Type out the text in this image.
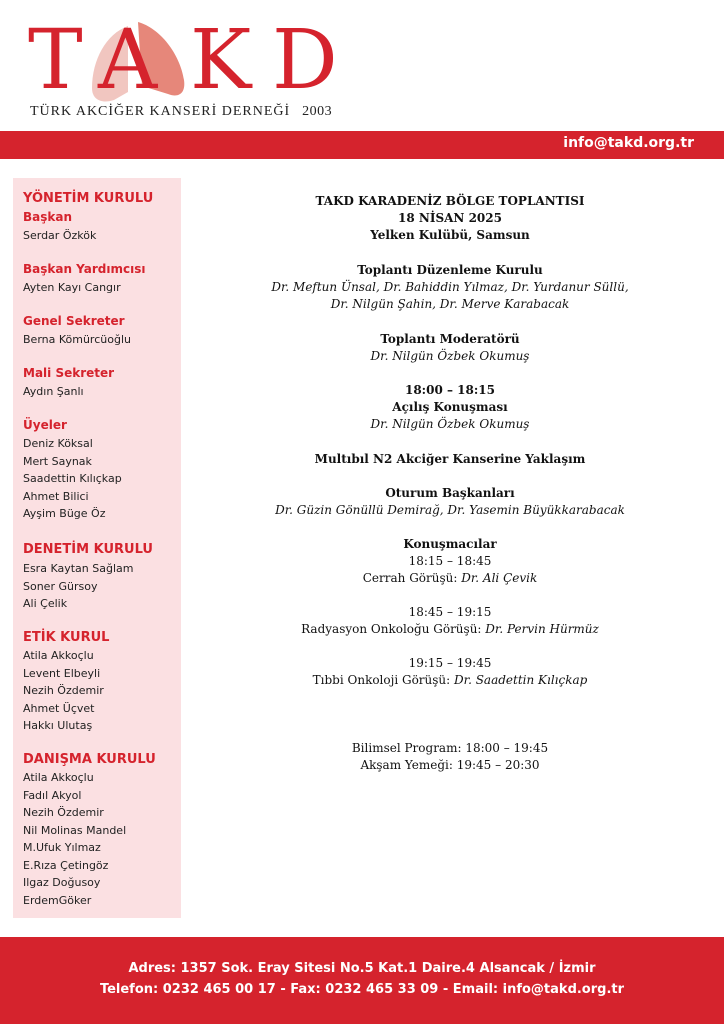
T A K D
TÜRK AKCİĞER KANSERİ DERNEĞİ 2003
info@takd.org.tr
YÖNETİM KURULU
Başkan
Serdar Özkök
Başkan Yardımcısı
Ayten Kayı Cangır
Genel Sekreter
Berna Kömürcüoğlu
Mali Sekreter
Aydın Şanlı
Üyeler
Deniz Köksal
Mert Saynak
Saadettin Kılıçkap
Ahmet Bilici
Ayşim Büge Öz
DENETİM KURULU
Esra Kaytan Sağlam
Soner Gürsoy
Ali Çelik
ETİK KURUL
Atila Akkoçlu
Levent Elbeyli
Nezih Özdemir
Ahmet Üçvet
Hakkı Ulutaş
DANIŞMA KURULU
Atila Akkoçlu
Fadıl Akyol
Nezih Özdemir
Nil Molinas Mandel
M.Ufuk Yılmaz
E.Rıza Çetingöz
Ilgaz Doğusoy
ErdemGöker
TAKD KARADENİZ BÖLGE TOPLANTISI
18 NİSAN 2025
Yelken Kulübü, Samsun
Toplantı Düzenleme Kurulu
Dr. Meftun Ünsal, Dr. Bahiddin Yılmaz, Dr. Yurdanur Süllü,
Dr. Nilgün Şahin, Dr. Merve Karabacak
Toplantı Moderatörü
Dr. Nilgün Özbek Okumuş
18:00 – 18:15
Açılış Konuşması
Dr. Nilgün Özbek Okumuş
Multıbıl N2 Akciğer Kanserine Yaklaşım
Oturum Başkanları
Dr. Güzin Gönüllü Demirağ, Dr. Yasemin Büyükkarabacak
Konuşmacılar
18:15 – 18:45
Cerrah Görüşü: Dr. Ali Çevik
18:45 – 19:15
Radyasyon Onkoloğu Görüşü: Dr. Pervin Hürmüz
19:15 – 19:45
Tıbbi Onkoloji Görüşü: Dr. Saadettin Kılıçkap
Bilimsel Program: 18:00 – 19:45
Akşam Yemeği: 19:45 – 20:30
Adres: 1357 Sok. Eray Sitesi No.5 Kat.1 Daire.4 Alsancak / İzmir
Telefon: 0232 465 00 17 - Fax: 0232 465 33 09 - Email: info@takd.org.tr
